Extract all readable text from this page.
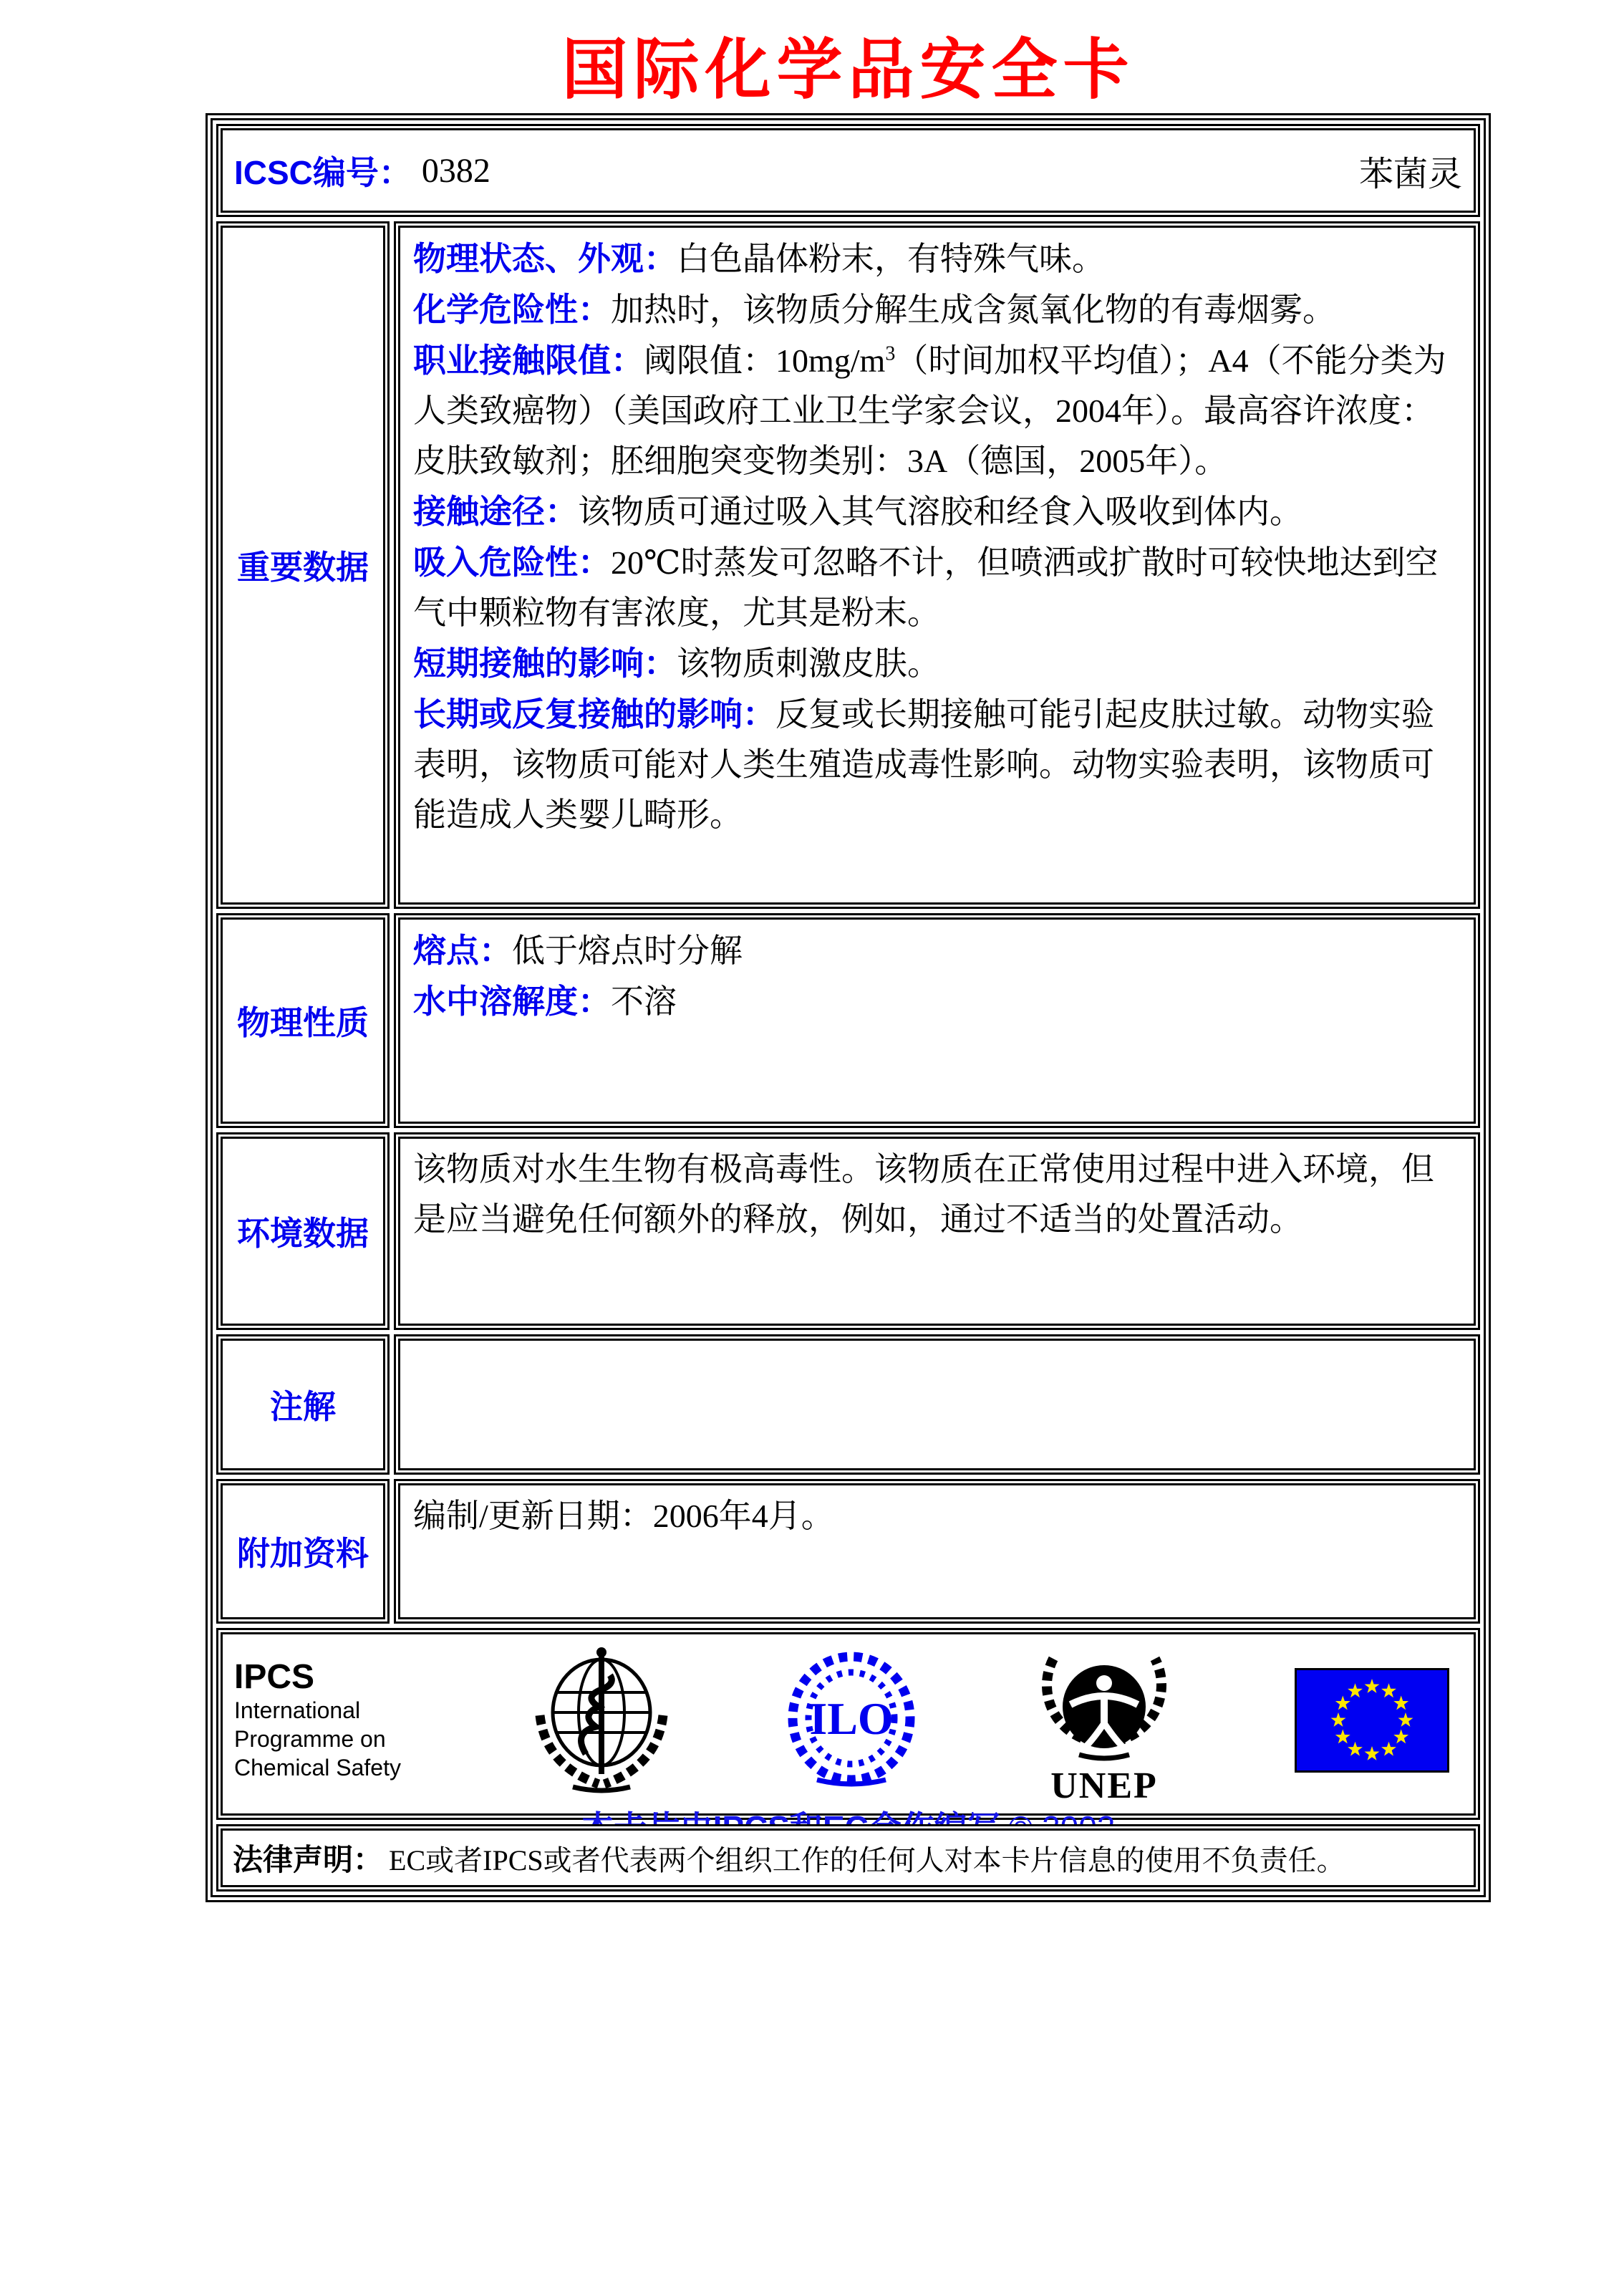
国际化学品安全卡
ICSC编号： 0382	苯菌灵
重要数据
物理状态、外观：白色晶体粉末，有特殊气味。
化学危险性：加热时，该物质分解生成含氮氧化物的有毒烟雾。
职业接触限值：阈限值：$10mg/m^3$（时间加权平均值）；A4（不能分类为人类致癌物）（美国政府工业卫生学家会议，2004年）。最高容许浓度：皮肤致敏剂；胚细胞突变物类别：3A（德国，2005年）。
接触途径：该物质可通过吸入其气溶胶和经食入吸收到体内。
吸入危险性：20℃时蒸发可忽略不计，但喷洒或扩散时可较快地达到空气中颗粒物有害浓度，尤其是粉末。
短期接触的影响：该物质刺激皮肤。
长期或反复接触的影响：反复或长期接触可能引起皮肤过敏。动物实验表明，该物质可能对人类生殖造成毒性影响。动物实验表明，该物质可能造成人类婴儿畸形。
物理性质
熔点：低于熔点时分解
水中溶解度：不溶
环境数据
该物质对水生生物有极高毒性。该物质在正常使用过程中进入环境，但是应当避免任何额外的释放，例如，通过不适当的处置活动。
注解
附加资料
编制/更新日期：2006年4月。
IPCS
International
Programme on
Chemical Safety
ILO
UNEP
法律声明： EC或者IPCS或者代表两个组织工作的任何人对本卡片信息的使用不负责任。
